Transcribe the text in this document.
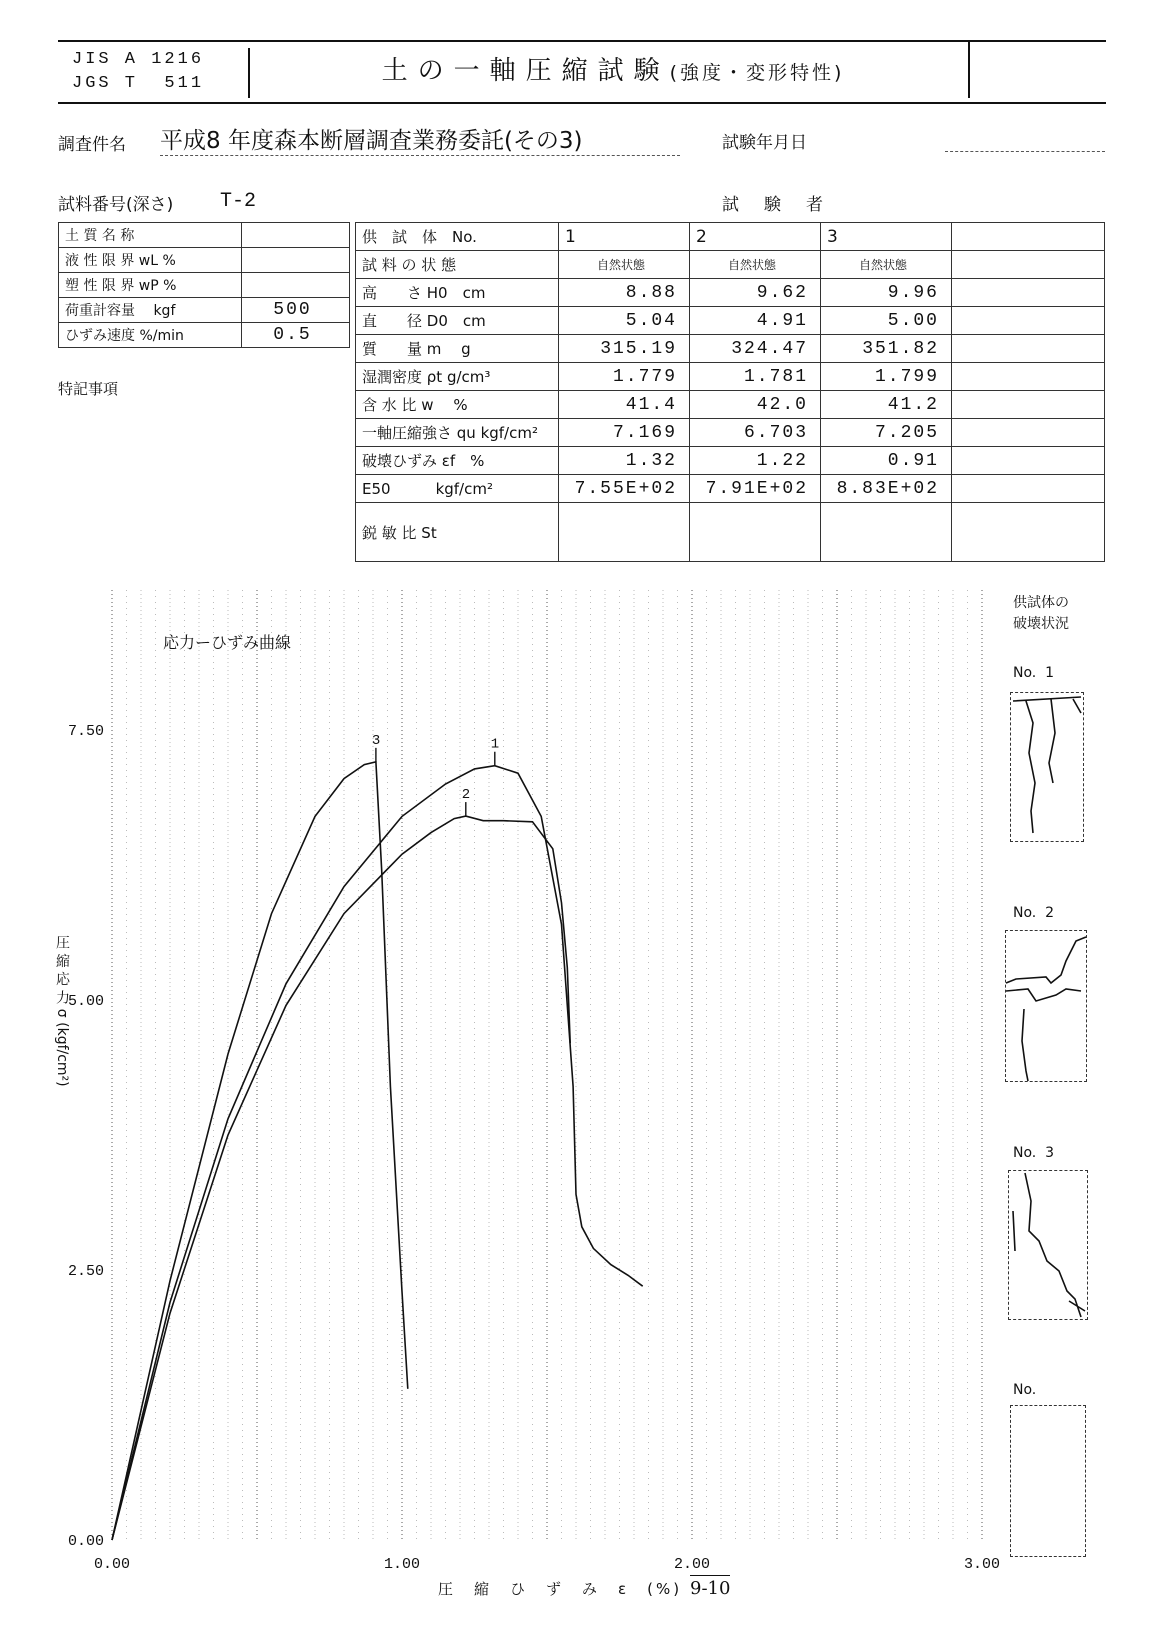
JIS A 1216
JGS T  511	土の一軸圧縮試験(強度・変形特性)
調査件名 平成8 年度森本断層調査業務委託(その3)	試験年月日
試料番号(深さ) T-2	試　験　者
土 質 名 称	
液 性 限 界 wL %	
塑 性 限 界 wP %	
荷重計容量　 kgf	500
ひずみ速度 %/min	0.5
特記事項
供　試　体　No.	1	2	3	
試 料 の 状 態	自然状態	自然状態	自然状態	
高　　さ H0　cm	8.88	9.62	9.96	
直　　径 D0　cm	5.04	4.91	5.00	
質　　量 m　 g	315.19	324.47	351.82	
湿潤密度 ρt g/cm³	1.779	1.781	1.799	
含 水 比 w　 %	41.4	42.0	41.2	
一軸圧縮強さ qu kgf/cm²	7.169	6.703	7.205	
破壊ひずみ εf　%	1.32	1.22	0.91	
E50　　　kgf/cm²	7.55E+02	7.91E+02	8.83E+02	
鋭 敏 比 St				
0.00	1.00	2.00	3.00
0.00
2.50
5.00
7.50
1
2
3
圧 縮 応 力 σ (kgf/cm²)
圧　縮　ひ　ず　み　ε　(%) 9-10
応力ーひずみ曲線
供試体の
破壊状況
No.  1
No.  2
No.  3
No.
